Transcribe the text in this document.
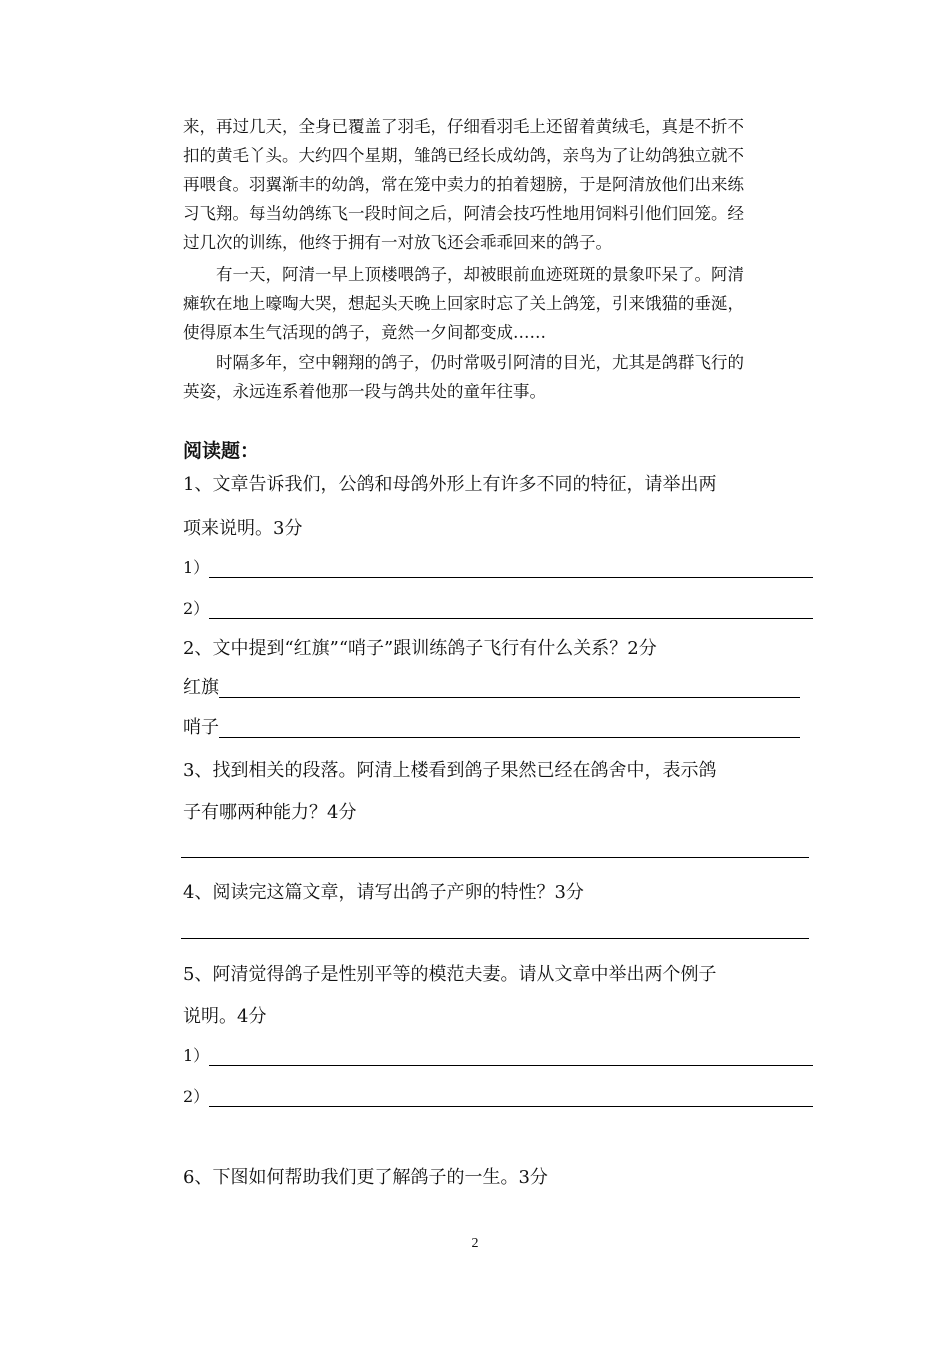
来，再过几天，全身已覆盖了羽毛，仔细看羽毛上还留着黄绒毛，真是不折不
扣的黄毛丫头。大约四个星期，雏鸽已经长成幼鸽，亲鸟为了让幼鸽独立就不
再喂食。羽翼渐丰的幼鸽，常在笼中卖力的拍着翅膀，于是阿清放他们出来练
习飞翔。每当幼鸽练飞一段时间之后，阿清会技巧性地用饲料引他们回笼。经
过几次的训练，他终于拥有一对放飞还会乖乖回来的鸽子。
　　有一天，阿清一早上顶楼喂鸽子，却被眼前血迹斑斑的景象吓呆了。阿清
瘫软在地上嚎啕大哭，想起头天晚上回家时忘了关上鸽笼，引来饿猫的垂涎，
使得原本生气活现的鸽子，竟然一夕间都变成……
　　时隔多年，空中翱翔的鸽子，仍时常吸引阿清的目光，尤其是鸽群飞行的
英姿，永远连系着他那一段与鸽共处的童年往事。
阅读题：
1、文章告诉我们，公鸽和母鸽外形上有许多不同的特征，请举出两
项来说明。3分
1）
2）
2、文中提到“红旗”“哨子”跟训练鸽子飞行有什么关系？2分
红旗
哨子
3、找到相关的段落。阿清上楼看到鸽子果然已经在鸽舍中，表示鸽
子有哪两种能力？4分
4、阅读完这篇文章，请写出鸽子产卵的特性？3分
5、阿清觉得鸽子是性别平等的模范夫妻。请从文章中举出两个例子
说明。4分
1）
2）
6、下图如何帮助我们更了解鸽子的一生。3分
2
